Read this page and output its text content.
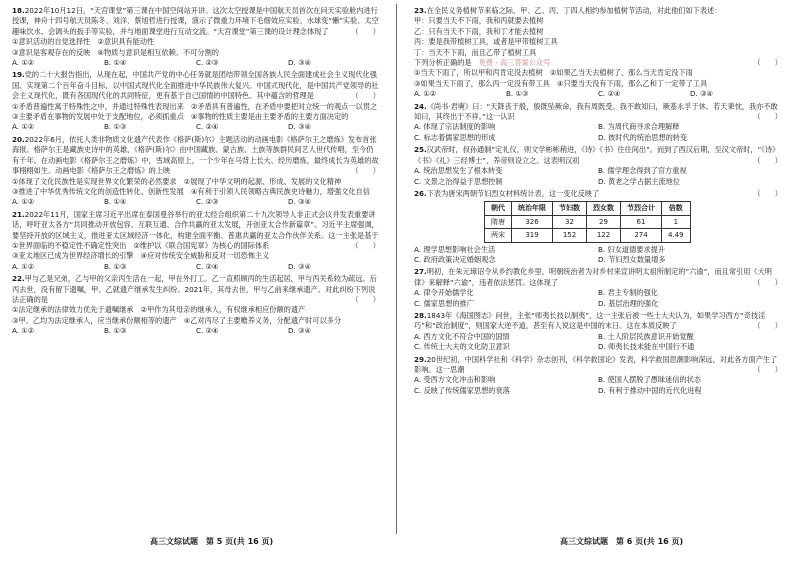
18.2022年10月12日，“天宫课堂”第三课在中国空间站开讲。这次太空授课是中国航天员首次在问天实验舱内进行授课，神舟十四号航天员陈冬、刘洋、蔡旭哲进行授课，演示了微重力环境下毛细效应实验、水球变“懒”实验、太空趣味饮水、会调头的扳手等实验，并与地面课堂进行互动交流。“天宫课堂”第三课的设计理念体现了	（　　）
①意识活动的自觉选择性　②意识具有能动性
③意识是客观存在的反映　④物质与意识是相互依赖、不可分割的
A. ①②	B. ①④	C. ②③	D. ③④
19.党的二十大报告指出，从现在起，中国共产党的中心任务就是团结带领全国各族人民全面建成社会主义现代化强国、实现第二个百年奋斗目标，以中国式现代化全面推进中华民族伟大复兴。中国式现代化，是中国共产党领导的社会主义现代化，既有各国现代化的共同特征，更有基于自己国情的中国特色。其中蕴含的哲理是	（　　）
①矛盾普遍性寓于特殊性之中，并通过特殊性表现出来　②矛盾具有普遍性，在矛盾中要把对立统一的观点一以贯之
③主要矛盾在事物的发展中处于支配地位，必须抓重点　④事物的性质主要是由主要矛盾的主要方面决定的
A. ①②	B. ①③	C. ②④	D. ③④
20.2022年6月，依托人类非物质文化遗产代表作《格萨(斯)尔》主题活动的动画电影《格萨尔王之磨炼》发布首张海报。格萨尔王是藏族史诗中的英雄，《格萨(斯)尔》由中国藏族、蒙古族、土族等族群民间艺人世代传唱，至今仍有千年。在动画电影《格萨尔王之磨炼》中，雪域高原上，一个少年在马背上长大、经历磨炼，最终成长为英雄的故事栩栩如生。动画电影《格萨尔王之磨炼》的上映	（　　）
①体现了文化民族性是实现世界文化繁荣的必然要求　②展现了中华文明的起源、形成、发展的文化精神
③推进了中华优秀传统文化的创造性转化、创新性发展　④有利于引领人民领略古典民族史诗魅力，增强文化自信
A. ①②	B. ①④	C. ②③	D. ③④
21.2022年11月，国家主席习近平出席在泰国曼谷举行的亚太经合组织第二十九次领导人非正式会议并发表重要讲话，呼吁亚太各方“共同推动开放包容、互联互通、合作共赢的亚太发展，开创亚太合作新篇章”。习近平主席强调，要坚持开放的区域主义，推进亚太区域经济一体化，构建全面平衡、普惠共赢的亚太合作伙伴关系。这一主张是基于
（　　）
①世界面临的不稳定性不确定性突出　②维护以《联合国宪章》为核心的国际体系
③亚太地区已成为世界经济增长的引擎　④应对传统安全威胁和反对一切恐怖主义
A. ①②	B. ①③	C. ②④	D. ③④
22.甲与乙是兄弟，乙与甲的父亲丙生活在一起，甲在外打工。乙一直照顾丙的生活起居，甲与丙关系较为疏远。后丙去世，没有留下遗嘱，甲、乙就遗产继承发生纠纷。2021年，其母去世，甲与乙前来继承遗产。对此纠纷下列说法正确的是	（　　）
①法定继承的法律效力优先于遗嘱继承　②甲作为其母亲的继承人，有权继承相应份额的遗产
③甲、乙均为法定继承人，应当继承份额相等的遗产　④乙对丙尽了主要赡养义务，分配遗产时可以多分
A. ①②	B. ①③	C. ②④	D. ③④
23.在全民义务植树节来临之际，甲、乙、丙、丁四人相约参加植树节活动，对此他们如下表述：
甲：只要当天不下雨，我和丙就要去植树
乙：只有当天不下雨，我和丁才能去植树
丙：要是我带植树工具，或者是甲带植树工具
丁：当天不下雨，而且乙带了植树工具
下列分析正确的是　 免费 · 高三答案公众号	（　　）
①当天下雨了，所以甲和丙肯定没去植树　②如果乙当天去植树了，那么当天肯定没下雨
③如果当天下雨了，那么丙一定没有带工具　④只要当天没有下雨，那么乙和丁一定带了工具
A. ①②	B. ①③	C. ②④	D. ③④
24.《尚书·君奭》曰：“天降丧于殷，殷既坠厥命，我有周既受。我不敢知曰，厥基永孚于休。若天棐忱，我亦不敢知曰，其终出于不祥。”这一认识	（　　）
A. 体现了宗法制度的影响	B. 为周代商寻求合理解释
C. 标志着儒家思想的形成	D. 彼时代的统治思想的转变
25.汉武帝时，叔孙通制“定礼仪，则文学彬彬稍进，《诗》《书》往往间出”。而到了西汉后期，至汉文帝时，“《诗》《书》《礼》三经博士”，养帝则设立之。这表明汉初	（　　）
A. 统治思想发生了根本转变	B. 儒学理念得到了官方重视
C. 文景之治得益于思想控制	D. 黄老之学占据主流地位
26.下表为唐宋两朝节妇烈女材料统计表，这一变化反映了	（　　）
朝代	统治年限	节妇数	烈女数	节烈合计	倍数
隋唐	326	32	29	61	1
两宋	319	152	122	274	4.49
A. 理学思想影响社会生活	B. 妇女道德要求提升
C. 政府政策决定婚姻观念	D. 节妇烈女数量增多
27.明初，在朱元璋诏令从乡约教化乡里，明朝统治者为对乡村来宣讲明太祖所制定的“六谕”，而且常引用《大明律》来解释“六谕”，违者依法惩罚。这体现了	（　　）
A. 律令开始儒学化	B. 君主专制的强化
C. 儒家思想的推广	D. 基层治理的强化
28.1843年《海国图志》问世，主张“师夷长技以制夷”，这一主张后被一些士大夫认为，如果学习西方“奇技淫巧”和“政治制度”，则国家大逆不道，甚至有人说这是中国的末日。这在本质反映了	（　　）
A. 西方文化不符合中国的国情	B. 士人阶层民族意识开始觉醒
C. 传统士大夫的文化防卫意识	D. 师夷长技未能在中国行不通
29.20世纪初，中国科学社和《科学》杂志创刊，《科学救国论》发表，科学救国思潮影响深远，对此各方面产生了影响。这一思潮	（　　）
A. 受西方文化冲击和影响	B. 使国人摆脱了愚昧迷信的状态
C. 反映了传统儒家思想的衰落	D. 有利于推动中国的近代化进程
高三文综试题　第 5 页(共 16 页)	高三文综试题　第 6 页(共 16 页)
